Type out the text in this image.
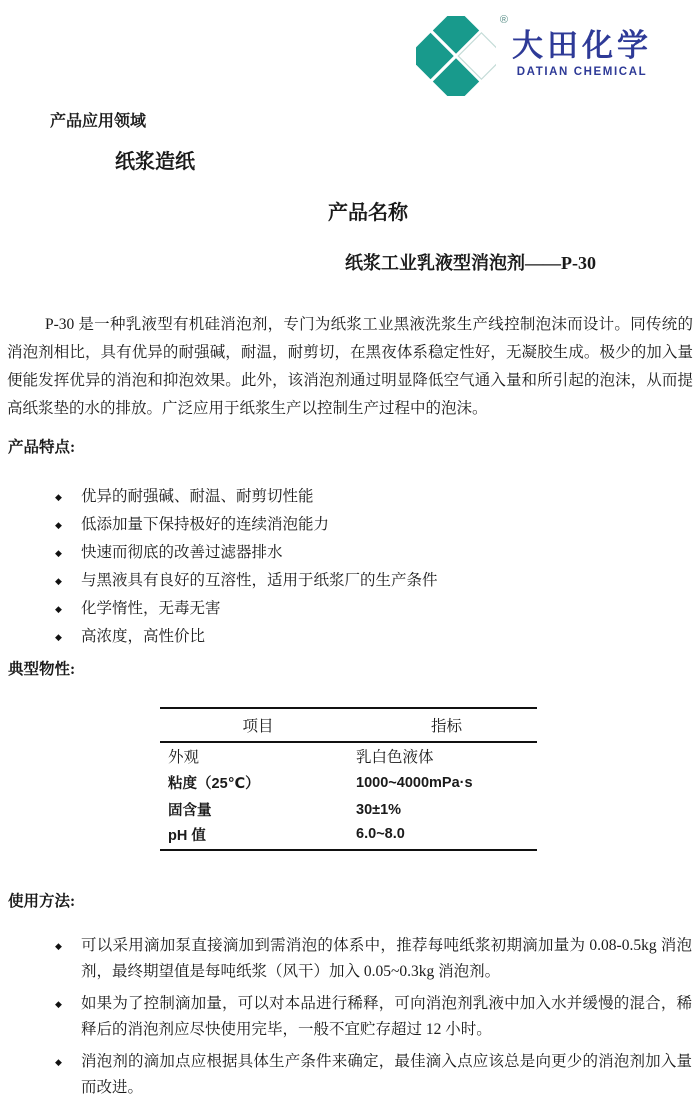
®
大田化学
DATIAN CHEMICAL
产品应用领域
纸浆造纸
产品名称
纸浆工业乳液型消泡剂——P-30

P-30 是一种乳液型有机硅消泡剂，专门为纸浆工业黑液洗浆生产线控制泡沫而设计。同传统的消泡剂相比，具有优异的耐强碱，耐温，耐剪切，在黑夜体系稳定性好，无凝胶生成。极少的加入量便能发挥优异的消泡和抑泡效果。此外，该消泡剂通过明显降低空气通入量和所引起的泡沫，从而提高纸浆垫的水的排放。广泛应用于纸浆生产以控制生产过程中的泡沫。

产品特点:
◆	优异的耐强碱、耐温、耐剪切性能
◆	低添加量下保持极好的连续消泡能力
◆	快速而彻底的改善过滤器排水
◆	与黑液具有良好的互溶性，适用于纸浆厂的生产条件
◆	化学惰性，无毒无害
◆	高浓度，高性价比
典型物性:
项目	指标
外观	乳白色液体
粘度（25℃）	1000~4000mPa·s
固含量	30±1%
pH 值	6.0~8.0
使用方法:
◆	可以采用滴加泵直接滴加到需消泡的体系中，推荐每吨纸浆初期滴加量为 0.08-0.5kg 消泡剂，最终期望值是每吨纸浆（风干）加入 0.05~0.3kg 消泡剂。
◆	如果为了控制滴加量，可以对本品进行稀释，可向消泡剂乳液中加入水并缓慢的混合，稀释后的消泡剂应尽快使用完毕，一般不宜贮存超过 12 小时。
◆	消泡剂的滴加点应根据具体生产条件来确定，最佳滴入点应该总是向更少的消泡剂加入量而改进。
